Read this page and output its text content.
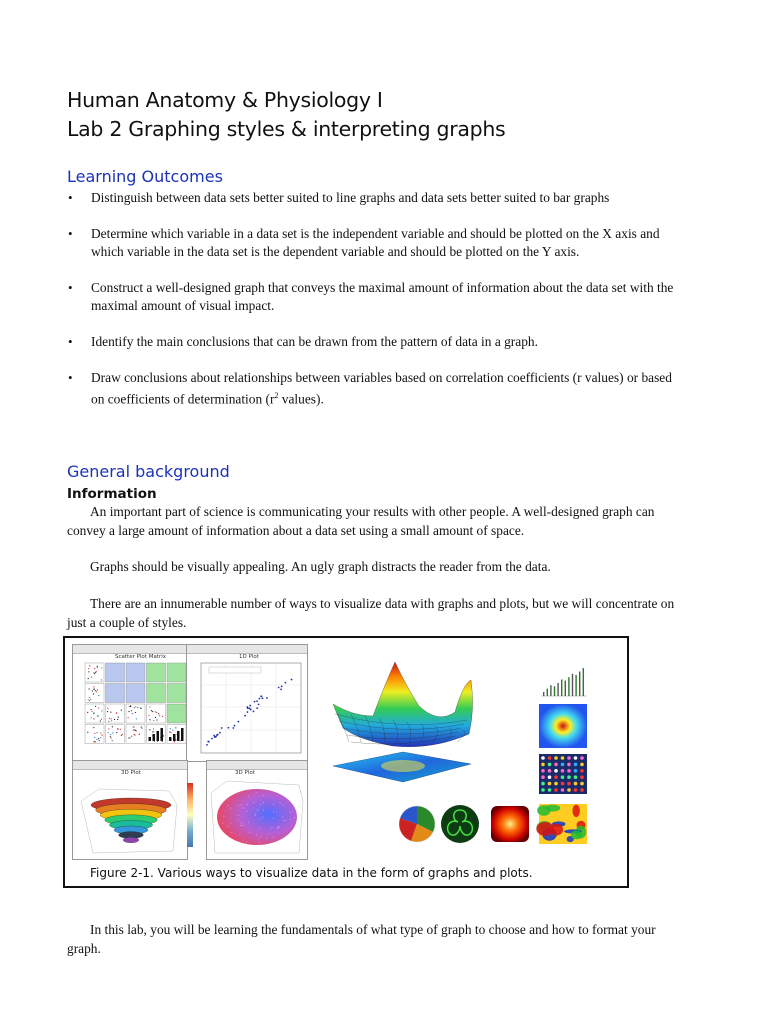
Human Anatomy & Physiology I
Lab 2 Graphing styles & interpreting graphs
Learning Outcomes
• Distinguish between data sets better suited to line graphs and data sets better suited to bar graphs
• Determine which variable in a data set is the independent variable and should be plotted on the X axis and which variable in the data set is the dependent variable and should be plotted on the Y axis.
• Construct a well-designed graph that conveys the maximal amount of information about the data set with the maximal amount of visual impact.
• Identify the main conclusions that can be drawn from the pattern of data in a graph.
• Draw conclusions about relationships between variables based on correlation coefficients (r values) or based on coefficients of determination ($r^2$ values).
General background
Information

An important part of science is communicating your results with other people. A well-designed graph can convey a large amount of information about a data set using a small amount of space.

Graphs should be visually appealing. An ugly graph distracts the reader from the data.

There are an innumerable number of ways to visualize data with graphs and plots, but we will concentrate on just a couple of styles.

Scatter Plot Matrix	1D Plot
3D Plot	3D Plot
Figure 2-1. Various ways to visualize data in the form of graphs and plots.

In this lab, you will be learning the fundamentals of what type of graph to choose and how to format your graph.
